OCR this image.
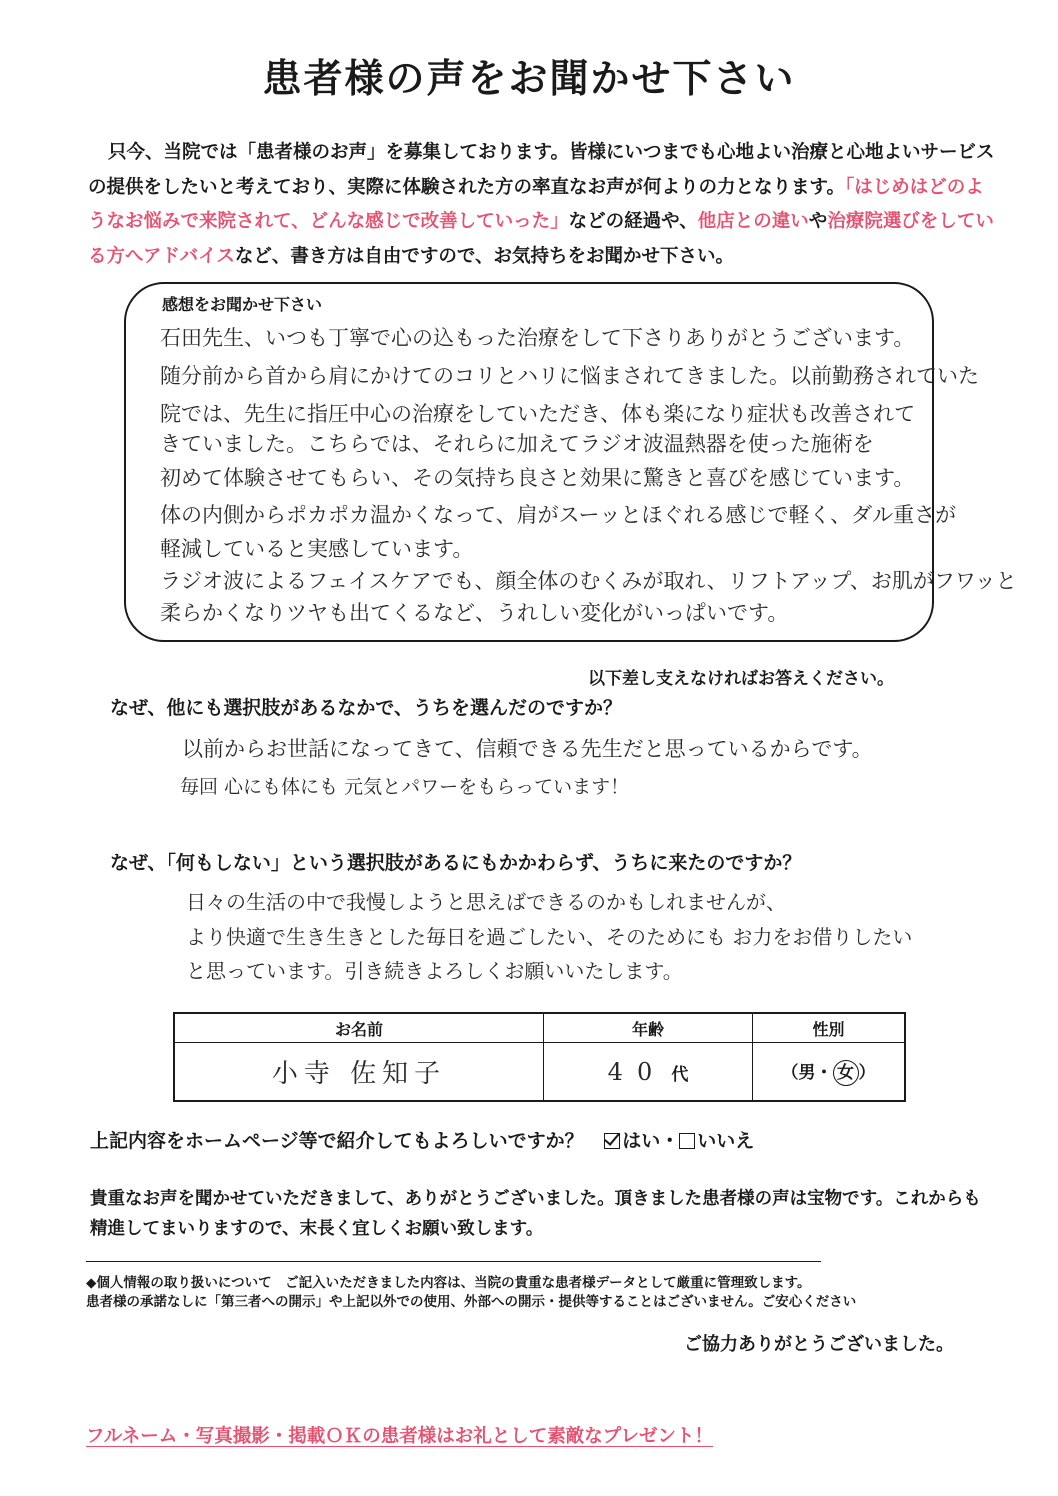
患者様の声をお聞かせ下さい
只今、当院では「患者様のお声」を募集しております。皆様にいつまでも心地よい治療と心地よいサービスの提供をしたいと考えており、実際に体験された方の率直なお声が何よりの力となります。「はじめはどのようなお悩みで来院されて、どんな感じで改善していった」などの経過や、他店との違いや治療院選びをしている方へアドバイスなど、書き方は自由ですので、お気持ちをお聞かせ下さい。
感想をお聞かせ下さい
石田先生、いつも丁寧で心の込もった治療をして下さりありがとうございます。
随分前から首から肩にかけてのコリとハリに悩まされてきました。以前勤務されていた
院では、先生に指圧中心の治療をしていただき、体も楽になり症状も改善されて
きていました。こちらでは、それらに加えてラジオ波温熱器を使った施術を
初めて体験させてもらい、その気持ち良さと効果に驚きと喜びを感じています。
体の内側からポカポカ温かくなって、肩がスーッとほぐれる感じで軽く、ダル重さが
軽減していると実感しています。
ラジオ波によるフェイスケアでも、顔全体のむくみが取れ、リフトアップ、お肌がフワッと
柔らかくなりツヤも出てくるなど、うれしい変化がいっぱいです。
以下差し支えなければお答えください。
なぜ、他にも選択肢があるなかで、うちを選んだのですか？
以前からお世話になってきて、信頼できる先生だと思っているからです。
毎回 心にも体にも 元気とパワーをもらっています！
なぜ、「何もしない」という選択肢があるにもかかわらず、うちに来たのですか？
日々の生活の中で我慢しようと思えばできるのかもしれませんが、
より快適で生き生きとした毎日を過ごしたい、そのためにも お力をお借りしたい
と思っています。引き続きよろしくお願いいたします。
お名前	年齢	性別
小寺 佐知子	40 代	（男・ 女 ）
上記内容をホームページ等で紹介してもよろしいですか？ はい・ いいえ
貴重なお声を聞かせていただきまして、ありがとうございました。頂きました患者様の声は宝物です。これからも精進してまいりますので、末長く宜しくお願い致します。
◆個人情報の取り扱いについて　ご記入いただきました内容は、当院の貴重な患者様データとして厳重に管理致します。
患者様の承諾なしに「第三者への開示」や上記以外での使用、外部への開示・提供等することはございません。ご安心ください
ご協力ありがとうございました。
フルネーム・写真撮影・掲載ＯＫの患者様はお礼として素敵なプレゼント！
